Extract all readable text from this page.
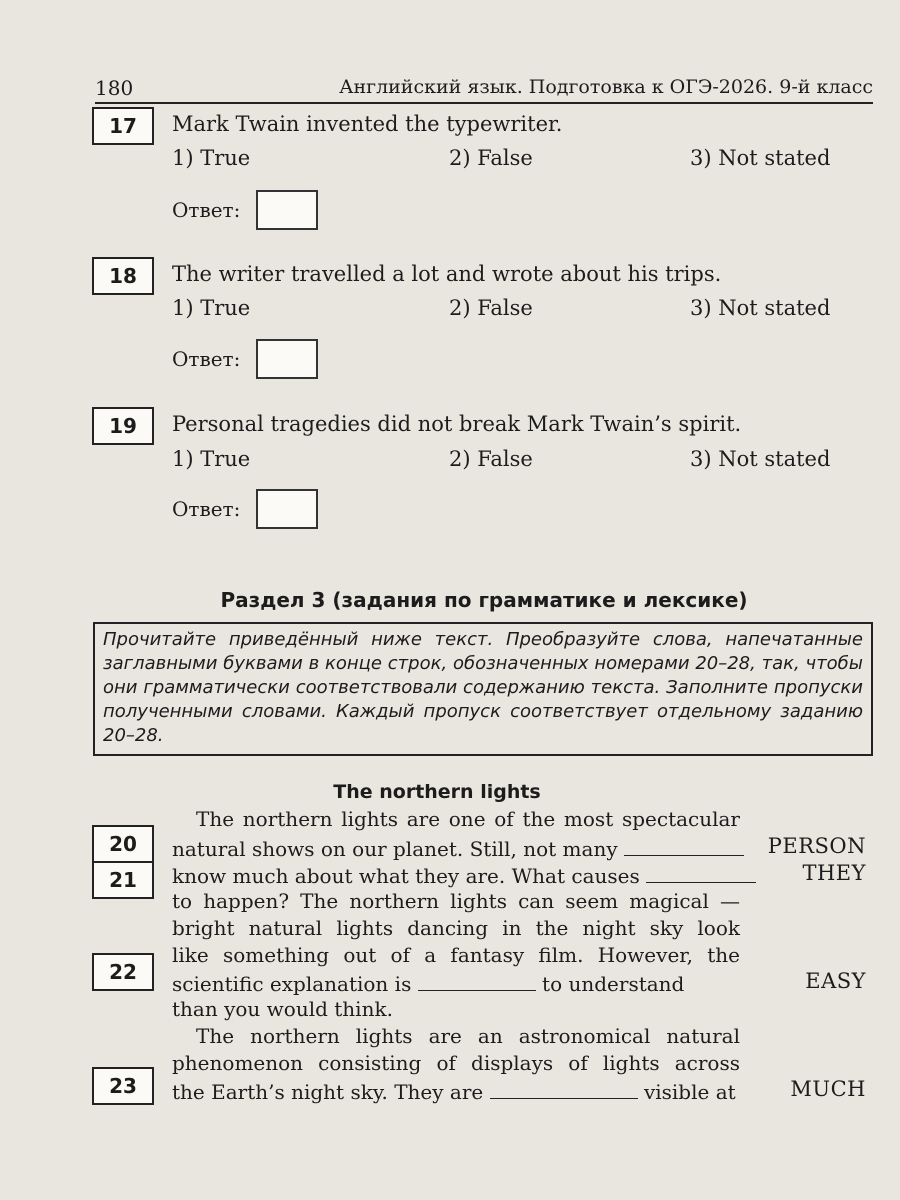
180	Английский язык. Подготовка к ОГЭ-2026. 9-й класс
17	Mark Twain invented the typewriter.
1) True	2) False	3) Not stated
Ответ:
18	The writer travelled a lot and wrote about his trips.
1) True	2) False	3) Not stated
Ответ:
19	Personal tragedies did not break Mark Twain’s spirit.
1) True	2) False	3) Not stated
Ответ:
Раздел 3 (задания по грамматике и лексике)
Прочитайте приведённый ниже текст. Преобразуйте слова, напечатанные заглавными буквами в конце строк, обозначенных номерами 20–28, так, чтобы они грамматически соответствовали содержанию текста. Заполните пропуски полученными словами. Каждый пропуск соответствует отдельному заданию 20–28.
The northern lights
20
21
22
23
The northern lights are one of the most spectacular
natural shows on our planet. Still, not many
know much about what they are. What causes
to happen? The northern lights can seem magical —
bright natural lights dancing in the night sky look
like something out of a fantasy film. However, the
scientific explanation is	to understand
than you would think.
The northern lights are an astronomical natural
phenomenon consisting of displays of lights across
the Earth’s night sky. They are	visible at
PERSON
THEY
EASY
MUCH
